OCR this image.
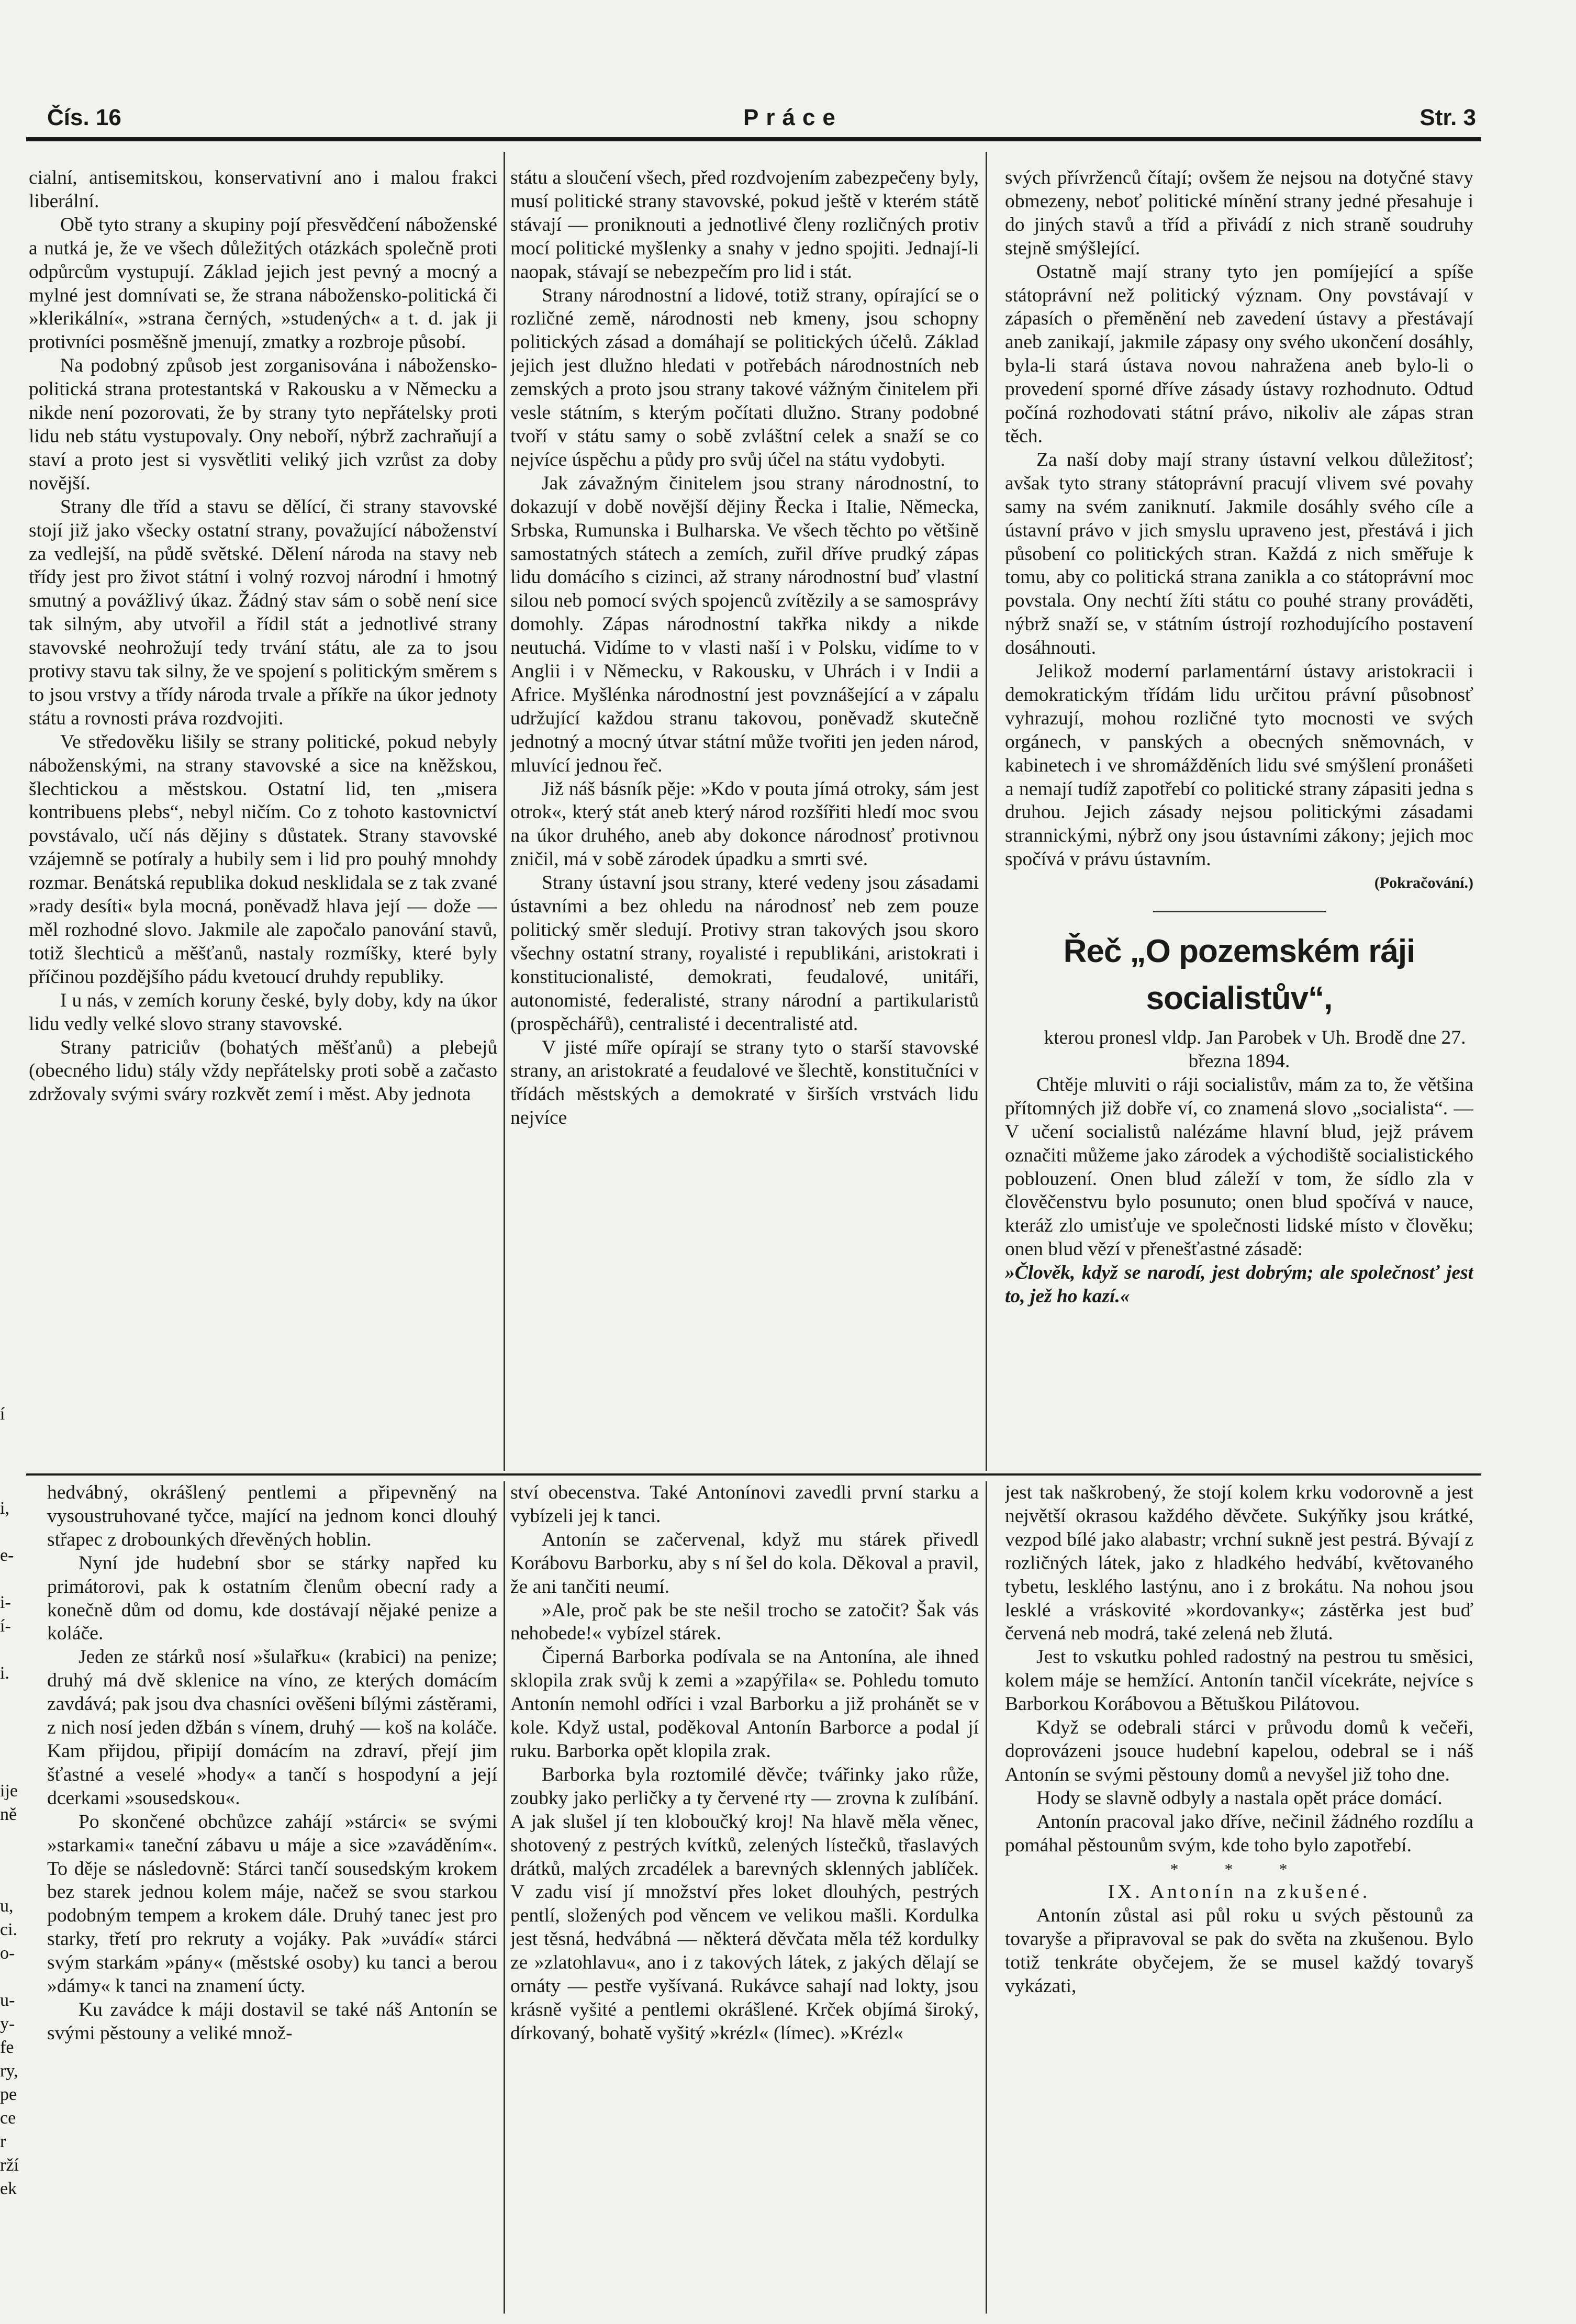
Čís. 16	Práce	Str. 3

cialní, antisemitskou, konservativní ano i malou frakci liberální.

Obě tyto strany a skupiny pojí přesvědčení náboženské a nutká je, že ve všech důležitých otázkách společně proti odpůrcům vystupují. Základ jejich jest pevný a mocný a mylné jest domnívati se, že strana nábožensko-politická či »klerikální«, »strana černých, »studených« a t. d. jak ji protivníci posměšně jmenují, zmatky a rozbroje působí.

Na podobný způsob jest zorganisována i nábožensko-politická strana protestantská v Rakousku a v Německu a nikde není pozorovati, že by strany tyto nepřátelsky proti lidu neb státu vystupovaly. Ony neboří, nýbrž zachraňují a staví a proto jest si vysvětliti veliký jich vzrůst za doby novější.

Strany dle tříd a stavu se dělící, či strany stavovské stojí již jako všecky ostatní strany, považující náboženství za vedlejší, na půdě světské. Dělení národa na stavy neb třídy jest pro život státní i volný rozvoj národní i hmotný smutný a povážlivý úkaz. Žádný stav sám o sobě není sice tak silným, aby utvořil a řídil stát a jednotlivé strany stavovské neohrožují tedy trvání státu, ale za to jsou protivy stavu tak silny, že ve spojení s politickým směrem s to jsou vrstvy a třídy národa trvale a příkře na úkor jednoty státu a rovnosti práva rozdvojiti.

Ve středověku lišily se strany politické, pokud nebyly náboženskými, na strany stavovské a sice na kněžskou, šlechtickou a městskou. Ostatní lid, ten „misera kontribuens plebs“, nebyl ničím. Co z tohoto kastovnictví povstávalo, učí nás dějiny s důstatek. Strany stavovské vzájemně se potíraly a hubily sem i lid pro pouhý mnohdy rozmar. Benátská republika dokud nesklidala se z tak zvané »rady desíti« byla mocná, poněvadž hlava její — dože — měl rozhodné slovo. Jakmile ale započalo panování stavů, totiž šlechticů a měšťanů, nastaly rozmíšky, které byly příčinou pozdějšího pádu kvetoucí druhdy republiky.

I u nás, v zemích koruny české, byly doby, kdy na úkor lidu vedly velké slovo strany stavovské.

Strany patriciův (bohatých měšťanů) a plebejů (obecného lidu) stály vždy nepřátelsky proti sobě a začasto zdržovaly svými sváry rozkvět zemí i měst. Aby jednota

státu a sloučení všech, před rozdvojením zabezpečeny byly, musí politické strany stavovské, pokud ještě v kterém státě stávají — proniknouti a jednotlivé členy rozličných protiv mocí politické myšlenky a snahy v jedno spojiti. Jednají-li naopak, stávají se nebezpečím pro lid i stát.

Strany národnostní a lidové, totiž strany, opírající se o rozličné země, národnosti neb kmeny, jsou schopny politických zásad a domáhají se politických účelů. Základ jejich jest dlužno hledati v potřebách národnostních neb zemských a proto jsou strany takové vážným činitelem při vesle státním, s kterým počítati dlužno. Strany podobné tvoří v státu samy o sobě zvláštní celek a snaží se co nejvíce úspěchu a půdy pro svůj účel na státu vydobyti.

Jak závažným činitelem jsou strany národnostní, to dokazují v době novější dějiny Řecka i Italie, Německa, Srbska, Rumunska i Bulharska. Ve všech těchto po většině samostatných státech a zemích, zuřil dříve prudký zápas lidu domácího s cizinci, až strany národnostní buď vlastní silou neb pomocí svých spojenců zvítězily a se samosprávy domohly. Zápas národnostní takřka nikdy a nikde neutuchá. Vidíme to v vlasti naší i v Polsku, vidíme to v Anglii i v Německu, v Rakousku, v Uhrách i v Indii a Africe. Myšlénka národnostní jest povznášející a v zápalu udržující každou stranu takovou, poněvadž skutečně jednotný a mocný útvar státní může tvořiti jen jeden národ, mluvící jednou řeč.

Již náš básník pěje: »Kdo v pouta jímá otroky, sám jest otrok«, který stát aneb který národ rozšířiti hledí moc svou na úkor druhého, aneb aby dokonce národnosť protivnou zničil, má v sobě zárodek úpadku a smrti své.

Strany ústavní jsou strany, které vedeny jsou zásadami ústavními a bez ohledu na národnosť neb zem pouze politický směr sledují. Protivy stran takových jsou skoro všechny ostatní strany, royalisté i republikáni, aristokrati i konstitucionalisté, demokrati, feudalové, unitáři, autonomisté, federalisté, strany národní a partikularistů (prospěchářů), centralisté i decentralisté atd.

V jisté míře opírají se strany tyto o starší stavovské strany, an aristokraté a feudalové ve šlechtě, konstitučníci v třídách městských a demokraté v širších vrstvách lidu nejvíce

svých přívrženců čítají; ovšem že nejsou na dotyčné stavy obmezeny, neboť politické mínění strany jedné přesahuje i do jiných stavů a tříd a přivádí z nich straně soudruhy stejně smýšlející.

Ostatně mají strany tyto jen pomíjející a spíše státoprávní než politický význam. Ony povstávají v zápasích o přeměnění neb zavedení ústavy a přestávají aneb zanikají, jakmile zápasy ony svého ukončení dosáhly, byla-li stará ústava novou nahražena aneb bylo-li o provedení sporné dříve zásady ústavy rozhodnuto. Odtud počíná rozhodovati státní právo, nikoliv ale zápas stran těch.

Za naší doby mají strany ústavní velkou důležitosť; avšak tyto strany státoprávní pracují vlivem své povahy samy na svém zaniknutí. Jakmile dosáhly svého cíle a ústavní právo v jich smyslu upraveno jest, přestává i jich působení co politických stran. Každá z nich směřuje k tomu, aby co politická strana zanikla a co státoprávní moc povstala. Ony nechtí žíti státu co pouhé strany prováděti, nýbrž snaží se, v státním ústrojí rozhodujícího postavení dosáhnouti.

Jelikož moderní parlamentární ústavy aristokracii i demokratickým třídám lidu určitou právní působnosť vyhrazují, mohou rozličné tyto mocnosti ve svých orgánech, v panských a obecných sněmovnách, v kabinetech i ve shromážděních lidu své smýšlení pronášeti a nemají tudíž zapotřebí co politické strany zápasiti jedna s druhou. Jejich zásady nejsou politickými zásadami strannickými, nýbrž ony jsou ústavními zákony; jejich moc spočívá v právu ústavním.

(Pokračování.)

Řeč „O pozemském ráji socialistův“,

kterou pronesl vldp. Jan Parobek v Uh. Brodě dne 27. března 1894.

Chtěje mluviti o ráji socialistův, mám za to, že většina přítomných již dobře ví, co znamená slovo „socialista“. — V učení socialistů nalézáme hlavní blud, jejž právem označiti můžeme jako zárodek a východiště socialistického poblouzení. Onen blud záleží v tom, že sídlo zla v člověčenstvu bylo posunuto; onen blud spočívá v nauce, kteráž zlo umisťuje ve společnosti lidské místo v člověku; onen blud vězí v přenešťastné zásadě:

»Člověk, když se narodí, jest dobrým; ale společnosť jest to, jež ho kazí.«

hedvábný, okrášlený pentlemi a připevněný na vysoustruhované tyčce, mající na jednom konci dlouhý střapec z drobounkých dřevěných hoblin.

Nyní jde hudební sbor se stárky napřed ku primátorovi, pak k ostatním členům obecní rady a konečně dům od domu, kde dostávají nějaké penize a koláče.

Jeden ze stárků nosí »šulařku« (krabici) na penize; druhý má dvě sklenice na víno, ze kterých domácím zavdává; pak jsou dva chasníci ověšeni bílými zástěrami, z nich nosí jeden džbán s vínem, druhý — koš na koláče. Kam přijdou, připijí domácím na zdraví, přejí jim šťastné a veselé »hody« a tančí s hospodyní a její dcerkami »sousedskou«.

Po skončené obchůzce zahájí »stárci« se svými »starkami« taneční zábavu u máje a sice »zaváděním«. To děje se následovně: Stárci tančí sousedským krokem bez starek jednou kolem máje, načež se svou starkou podobným tempem a krokem dále. Druhý tanec jest pro starky, třetí pro rekruty a vojáky. Pak »uvádí« stárci svým starkám »pány« (městské osoby) ku tanci a berou »dámy« k tanci na znamení úcty.

Ku zavádce k máji dostavil se také náš Antonín se svými pěstouny a veliké množ-

ství obecenstva. Také Antonínovi zavedli první starku a vybízeli jej k tanci.

Antonín se začervenal, když mu stárek přivedl Korábovu Barborku, aby s ní šel do kola. Děkoval a pravil, že ani tančiti neumí.

»Ale, proč pak be ste nešil trocho se zatočit? Šak vás nehobede!« vybízel stárek.

Čiperná Barborka podívala se na Antonína, ale ihned sklopila zrak svůj k zemi a »zapýřila« se. Pohledu tomuto Antonín nemohl odříci i vzal Barborku a již prohánět se v kole. Když ustal, poděkoval Antonín Barborce a podal jí ruku. Barborka opět klopila zrak.

Barborka byla roztomilé děvče; tvářinky jako růže, zoubky jako perličky a ty červené rty — zrovna k zulíbání. A jak slušel jí ten kloboučký kroj! Na hlavě měla věnec, shotovený z pestrých kvítků, zelených lístečků, třaslavých drátků, malých zrcadélek a barevných sklenných jablíček. V zadu visí jí množství přes loket dlouhých, pestrých pentlí, složených pod věncem ve velikou mašli. Kordulka jest těsná, hedvábná — některá děvčata měla též kordulky ze »zlatohlavu«, ano i z takových látek, z jakých dělají se ornáty — pestře vyšívaná. Rukávce sahají nad lokty, jsou krásně vyšité a pentlemi okrášlené. Krček objímá široký, dírkovaný, bohatě vyšitý »krézl« (límec). »Krézl«

jest tak naškrobený, že stojí kolem krku vodorovně a jest největší okrasou každého děvčete. Sukýňky jsou krátké, vezpod bílé jako alabastr; vrchní sukně jest pestrá. Bývají z rozličných látek, jako z hladkého hedvábí, květovaného tybetu, lesklého lastýnu, ano i z brokátu. Na nohou jsou lesklé a vráskovité »kordovanky«; zástěrka jest buď červená neb modrá, také zelená neb žlutá.

Jest to vskutku pohled radostný na pestrou tu směsici, kolem máje se hemžící. Antonín tančil vícekráte, nejvíce s Barborkou Korábovou a Bětuškou Pilátovou.

Když se odebrali stárci v průvodu domů k večeři, doprovázeni jsouce hudební kapelou, odebral se i náš Antonín se svými pěstouny domů a nevyšel již toho dne.

Hody se slavně odbyly a nastala opět práce domácí.

Antonín pracoval jako dříve, nečinil žádného rozdílu a pomáhal pěstounům svým, kde toho bylo zapotřebí.

* * *

IX. Antonín na zkušené.

Antonín zůstal asi půl roku u svých pěstounů za tovaryše a připravoval se pak do světa na zkušenou. Bylo totiž tenkráte obyčejem, že se musel každý tovaryš vykázati,

í
i,
e-
i-
í-
i.
u,
ci.
o-
ije
ně
u-
y-
fe
ry,
pe
ce
r
rží
ek
